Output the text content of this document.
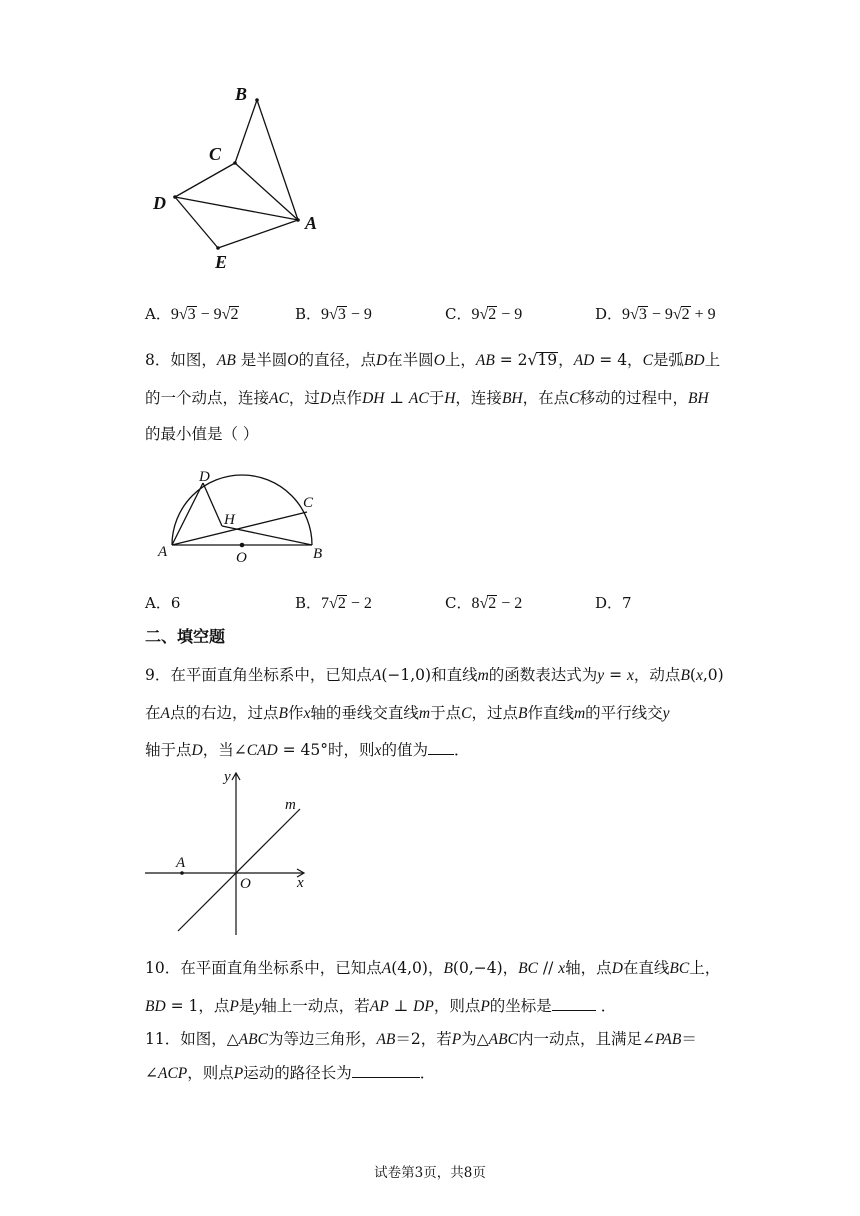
B
C
D
A
E
A．9√3 − 9√2	B．9√3 − 9	C．9√2 − 9	D．9√3 − 9√2 + 9
8．如图，AB 是半圆O的直径，点D在半圆O上，AB = 2√19，AD = 4，C是弧BD上
的一个动点，连接AC，过D点作DH ⊥ AC于H，连接BH，在点C移动的过程中，BH
的最小值是（ ）
D
C
H
A	O	B
A．6	B．7√2 − 2	C．8√2 − 2	D．7
二、填空题
9．在平面直角坐标系中，已知点A(−1,0)和直线m的函数表达式为y = x，动点B(x,0)
在A点的右边，过点B作x轴的垂线交直线m于点C，过点B作直线m的平行线交y
轴于点D，当∠CAD = 45°时，则x的值为 ．
y
m
A
O	x
10．在平面直角坐标系中，已知点A(4,0)，B(0,−4)，BC // x轴，点D在直线BC上，
BD = 1，点P是y轴上一动点，若AP ⊥ DP，则点P的坐标是	．
11．如图，△ABC为等边三角形，AB＝2，若P为△ABC内一动点，且满足∠PAB＝
∠ACP，则点P运动的路径长为	．
试卷第3页，共8页
